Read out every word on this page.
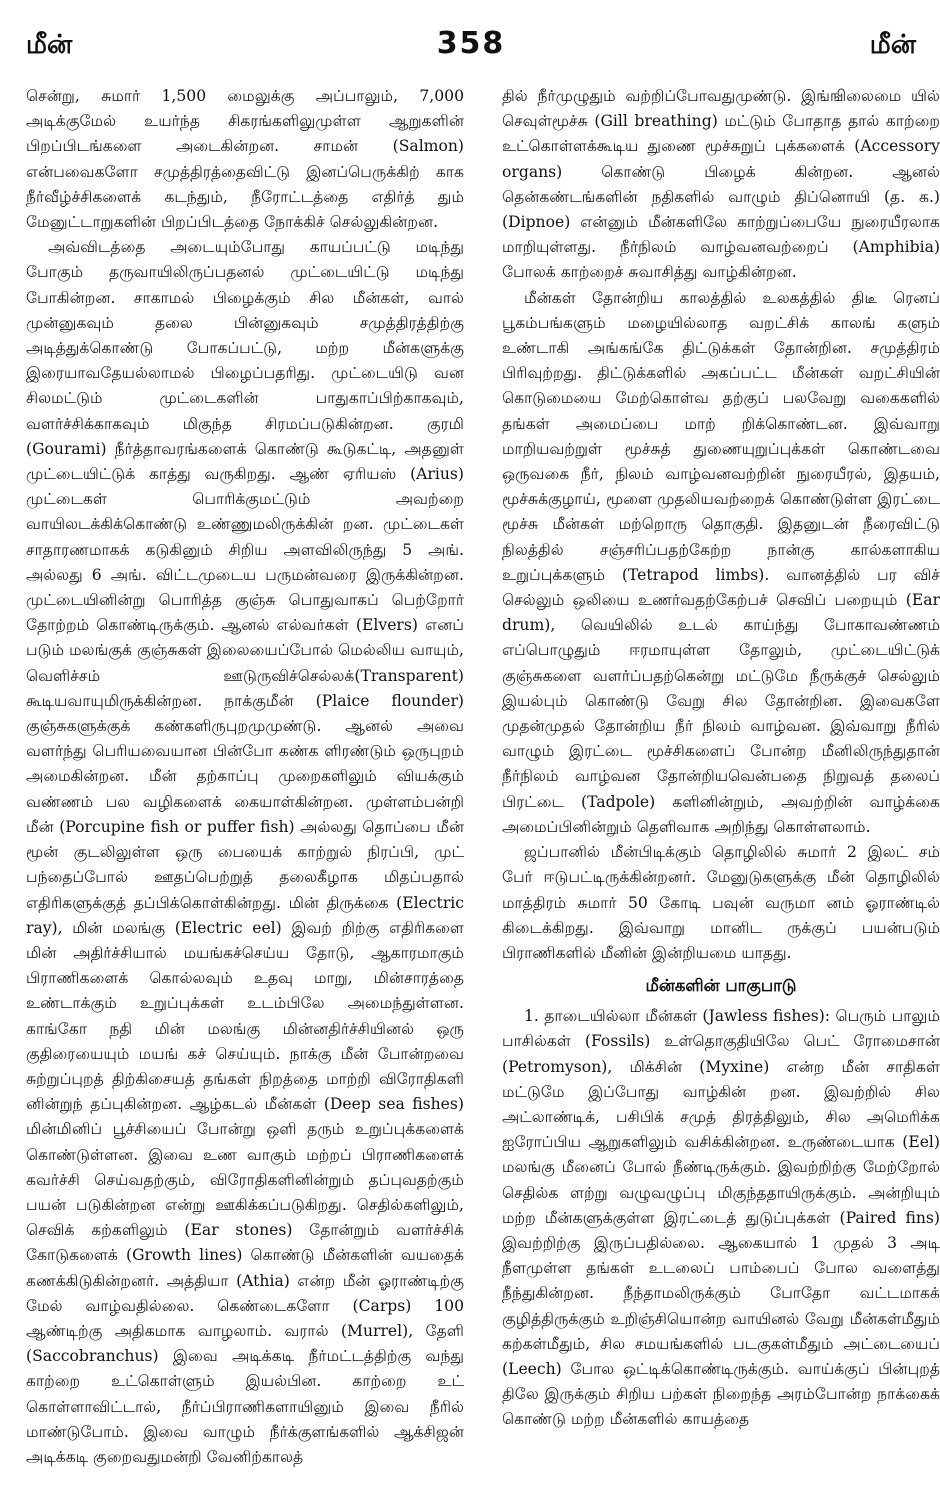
மீன்	358	மீன்

சென்று, சுமார் 1,500 மைலுக்கு அப்பாலும், 7,000 அடிக்குமேல் உயர்ந்த சிகரங்களிலுமுள்ள ஆறுகளின் பிறப்பிடங்களை அடைகின்றன. சாமன் (Salmon) என்பவைகளோ சமுத்திரத்தைவிட்டு இனப்பெருக்கிற் காக நீர்வீழ்ச்சிகளைக் கடந்தும், நீரோட்டத்தை எதிர்த் தும் மேனுட்டாறுகளின் பிறப்பிடத்தை நோக்கிச் செல்லுகின்றன.

அவ்விடத்தை அடையும்போது காயப்பட்டு மடிந்து போகும் தருவாயிலிருப்பதனல் முட்டையிட்டு மடிந்து போகின்றன. சாகாமல் பிழைக்கும் சில மீன்கள், வால் முன்னுகவும் தலை பின்னுகவும் சமுத்திரத்திற்கு அடித்துக்கொண்டு போகப்பட்டு, மற்ற மீன்களுக்கு இரையாவதேயல்லாமல் பிழைப்பதரிது. முட்டையிடு வன சிலமட்டும் முட்டைகளின் பாதுகாப்பிற்காகவும், வளர்ச்சிக்காகவும் மிகுந்த சிரமப்படுகின்றன. குரமி (Gourami) நீர்த்தாவரங்களைக் கொண்டு கூடுகட்டி, அதனுள் முட்டையிட்டுக் காத்து வருகிறது. ஆண் ஏரியஸ் (Arius) முட்டைகள் பொரிக்குமட்டும் அவற்றை வாயிலடக்கிக்கொண்டு உண்ணுமலிருக்கின் றன. முட்டைகள் சாதாரணமாகக் கடுகினும் சிறிய அளவிலிருந்து 5 அங். அல்லது 6 அங். விட்டமுடைய பருமன்வரை இருக்கின்றன. முட்டையினின்று பொரித்த குஞ்சு பொதுவாகப் பெற்றோர் தோற்றம் கொண்டிருக்கும். ஆனல் எல்வர்கள் (Elvers) எனப் படும் மலங்குக் குஞ்சுகள் இலையைப்போல் மெல்லிய வாயும், வெளிச்சம் ஊடுருவிச்செல்லக்(Transparent) கூடியவாயுமிருக்கின்றன. நாக்குமீன் (Plaice flounder) குஞ்சுகளுக்குக் கண்களிருபுறமுமுண்டு. ஆனல் அவை வளர்ந்து பெரியவையான பின்போ கண்க ளிரண்டும் ஒருபுறம் அமைகின்றன. மீன் தற்காப்பு முறைகளிலும் வியக்கும் வண்ணம் பல வழிகளைக் கையாள்கின்றன. முள்ளம்பன்றி மீன் (Porcupine fish or puffer fish) அல்லது தொப்பை மீன் மூன் குடலிலுள்ள ஒரு பையைக் காற்றுல் நிரப்பி, முட் பந்தைப்போல் ஊதப்பெற்றுத் தலைகீழாக மிதப்பதால் எதிரிகளுக்குத் தப்பிக்கொள்கின்றது. மின் திருக்கை (Electric ray), மின் மலங்கு (Electric eel) இவற் றிற்கு எதிரிகளை மின் அதிர்ச்சியால் மயங்கச்செய்ய தோடு, ஆகாரமாகும் பிராணிகளைக் கொல்லவும் உதவு மாறு, மின்சாரத்தை உண்டாக்கும் உறுப்புக்கள் உடம்பிலே அமைந்துள்ளன. காங்கோ நதி மின் மலங்கு மின்னதிர்ச்சியினல் ஒரு குதிரையையும் மயங் கச் செய்யும். நாக்கு மீன் போன்றவை சுற்றுப்புறத் திற்கிசையத் தங்கள் நிறத்தை மாற்றி விரோதிகளி னின்றுந் தப்புகின்றன. ஆழ்கடல் மீன்கள் (Deep sea fishes) மின்மினிப் பூச்சியைப் போன்று ஒளி தரும் உறுப்புக்களைக் கொண்டுள்ளன. இவை உண வாகும் மற்றப் பிராணிகளைக் கவர்ச்சி செய்வதற்கும், விரோதிகளினின்றும் தப்புவதற்கும் பயன் படுகின்றன என்று ஊகிக்கப்படுகிறது. செதில்களிலும், செவிக் கற்களிலும் (Ear stones) தோன்றும் வளர்ச்சிக் கோடுகளைக் (Growth lines) கொண்டு மீன்களின் வயதைக் கணக்கிடுகின்றனர். அத்தியா (Athia) என்ற மீன் ஓராண்டிற்கு மேல் வாழ்வதில்லை. கெண்டைகளோ (Carps) 100 ஆண்டிற்கு அதிகமாக வாழலாம். வரால் (Murrel), தேளி (Saccobranchus) இவை அடிக்கடி நீர்மட்டத்திற்கு வந்து காற்றை உட்கொள்ளும் இயல்பின. காற்றை உட் கொள்ளாவிட்டால், நீர்ப்பிராணிகளாயினும் இவை நீரில் மாண்டுபோம். இவை வாழும் நீர்க்குளங்களில் ஆக்சிஜன் அடிக்கடி குறைவதுமன்றி வேனிற்காலத்

தில் நீர்முழுதும் வற்றிப்போவதுமுண்டு. இங்ஙிலைமை யில் செவுள்மூச்சு (Gill breathing) மட்டும் போதாத தால் காற்றை உட்கொள்ளக்கூடிய துணை மூச்சுறுப் புக்களைக் (Accessory organs) கொண்டு பிழைக் கின்றன. ஆனல் தென்கண்டங்களின் நதிகளில் வாழும் திப்னொயி (த. க.) (Dipnoe) என்னும் மீன்களிலே காற்றுப்பையே நுரையீரலாக மாறியுள்ளது. நீர்நிலம் வாழ்வனவற்றைப் (Amphibia) போலக் காற்றைச் சுவாசித்து வாழ்கின்றன.

மீன்கள் தோன்றிய காலத்தில் உலகத்தில் திடீ ரெனப் பூகம்பங்களும் மழையில்லாத வறட்சிக் காலங் களும் உண்டாகி அங்கங்கே திட்டுக்கள் தோன்றின. சமுத்திரம் பிரிவுற்றது. திட்டுக்களில் அகப்பட்ட மீன்கள் வறட்சியின் கொடுமையை மேற்கொள்வ தற்குப் பலவேறு வகைகளில் தங்கள் அமைப்பை மாற் றிக்கொண்டன. இவ்வாறு மாறியவற்றுள் மூச்சுத் துணையுறுப்புக்கள் கொண்டவை ஒருவகை நீர், நிலம் வாழ்வனவற்றின் நுரையீரல், இதயம், மூச்சுக்குழாய், மூளை முதலியவற்றைக் கொண்டுள்ள இரட்டை மூச்சு மீன்கள் மற்றொரு தொகுதி. இதனுடன் நீரைவிட்டு நிலத்தில் சஞ்சரிப்பதற்கேற்ற நான்கு கால்களாகிய உறுப்புக்களும் (Tetrapod limbs). வானத்தில் பர விச் செல்லும் ஒலியை உணர்வதற்கேற்பச் செவிப் பறையும் (Ear drum), வெயிலில் உடல் காய்ந்து போகாவண்ணம் எப்பொழுதும் ஈரமாயுள்ள தோலும், முட்டையிட்டுக் குஞ்சுகளை வளர்ப்பதற்கென்று மட்டுமே நீருக்குச் செல்லும் இயல்பும் கொண்டு வேறு சில தோன்றின. இவைகளே முதன்முதல் தோன்றிய நீர் நிலம் வாழ்வன. இவ்வாறு நீரில் வாழும் இரட்டை மூச்சிகளைப் போன்ற மீனிலிருந்துதான் நீர்நிலம் வாழ்வன தோன்றியவென்பதை நிறுவத் தலைப் பிரட்டை (Tadpole) களினின்றும், அவற்றின் வாழ்க்கை அமைப்பினின்றும் தெளிவாக அறிந்து கொள்ளலாம்.

ஜப்பானில் மீன்பிடிக்கும் தொழிலில் சுமார் 2 இலட் சம் பேர் ஈடுபட்டிருக்கின்றனர். மேனுடுகளுக்கு மீன் தொழிலில் மாத்திரம் சுமார் 50 கோடி பவுன் வருமா னம் ஓராண்டில் கிடைக்கிறது. இவ்வாறு மானிட ருக்குப் பயன்படும் பிராணிகளில் மீனின் இன்றியமை யாதது.

மீன்களின் பாகுபாடு

1. தாடையில்லா மீன்கள் (Jawless fishes): பெரும் பாலும் பாசில்கள் (Fossils) உள்தொகுதியிலே பெட் ரோமைசான் (Petromyson), மிக்சின் (Myxine) என்ற மீன் சாதிகள் மட்டுமே இப்போது வாழ்கின் றன. இவற்றில் சில அட்லாண்டிக், பசிபிக் சமுத் திரத்திலும், சில அமெரிக்க ஐரோப்பிய ஆறுகளிலும் வசிக்கின்றன. உருண்டையாக (Eel) மலங்கு மீனைப் போல் நீண்டிருக்கும். இவற்றிற்கு மேற்றோல் செதில்க ளற்று வழுவழுப்பு மிகுந்ததாயிருக்கும். அன்றியும் மற்ற மீன்களுக்குள்ள இரட்டைத் துடுப்புக்கள் (Paired fins) இவற்றிற்கு இருப்பதில்லை. ஆகையால் 1 முதல் 3 அடி நீளமுள்ள தங்கள் உடலைப் பாம்பைப் போல வளைத்து நீந்துகின்றன. நீந்தாமலிருக்கும் போதோ வட்டமாகக் குழித்திருக்கும் உறிஞ்சியொன்ற வாயினல் வேறு மீன்கள்மீதும் கற்கள்மீதும், சில சமயங்களில் படகுகள்மீதும் அட்டையைப் (Leech) போல ஒட்டிக்கொண்டிருக்கும். வாய்க்குப் பின்புறத் திலே இருக்கும் சிறிய பற்கள் நிறைந்த அரம்போன்ற நாக்கைக் கொண்டு மற்ற மீன்களில் காயத்தை
